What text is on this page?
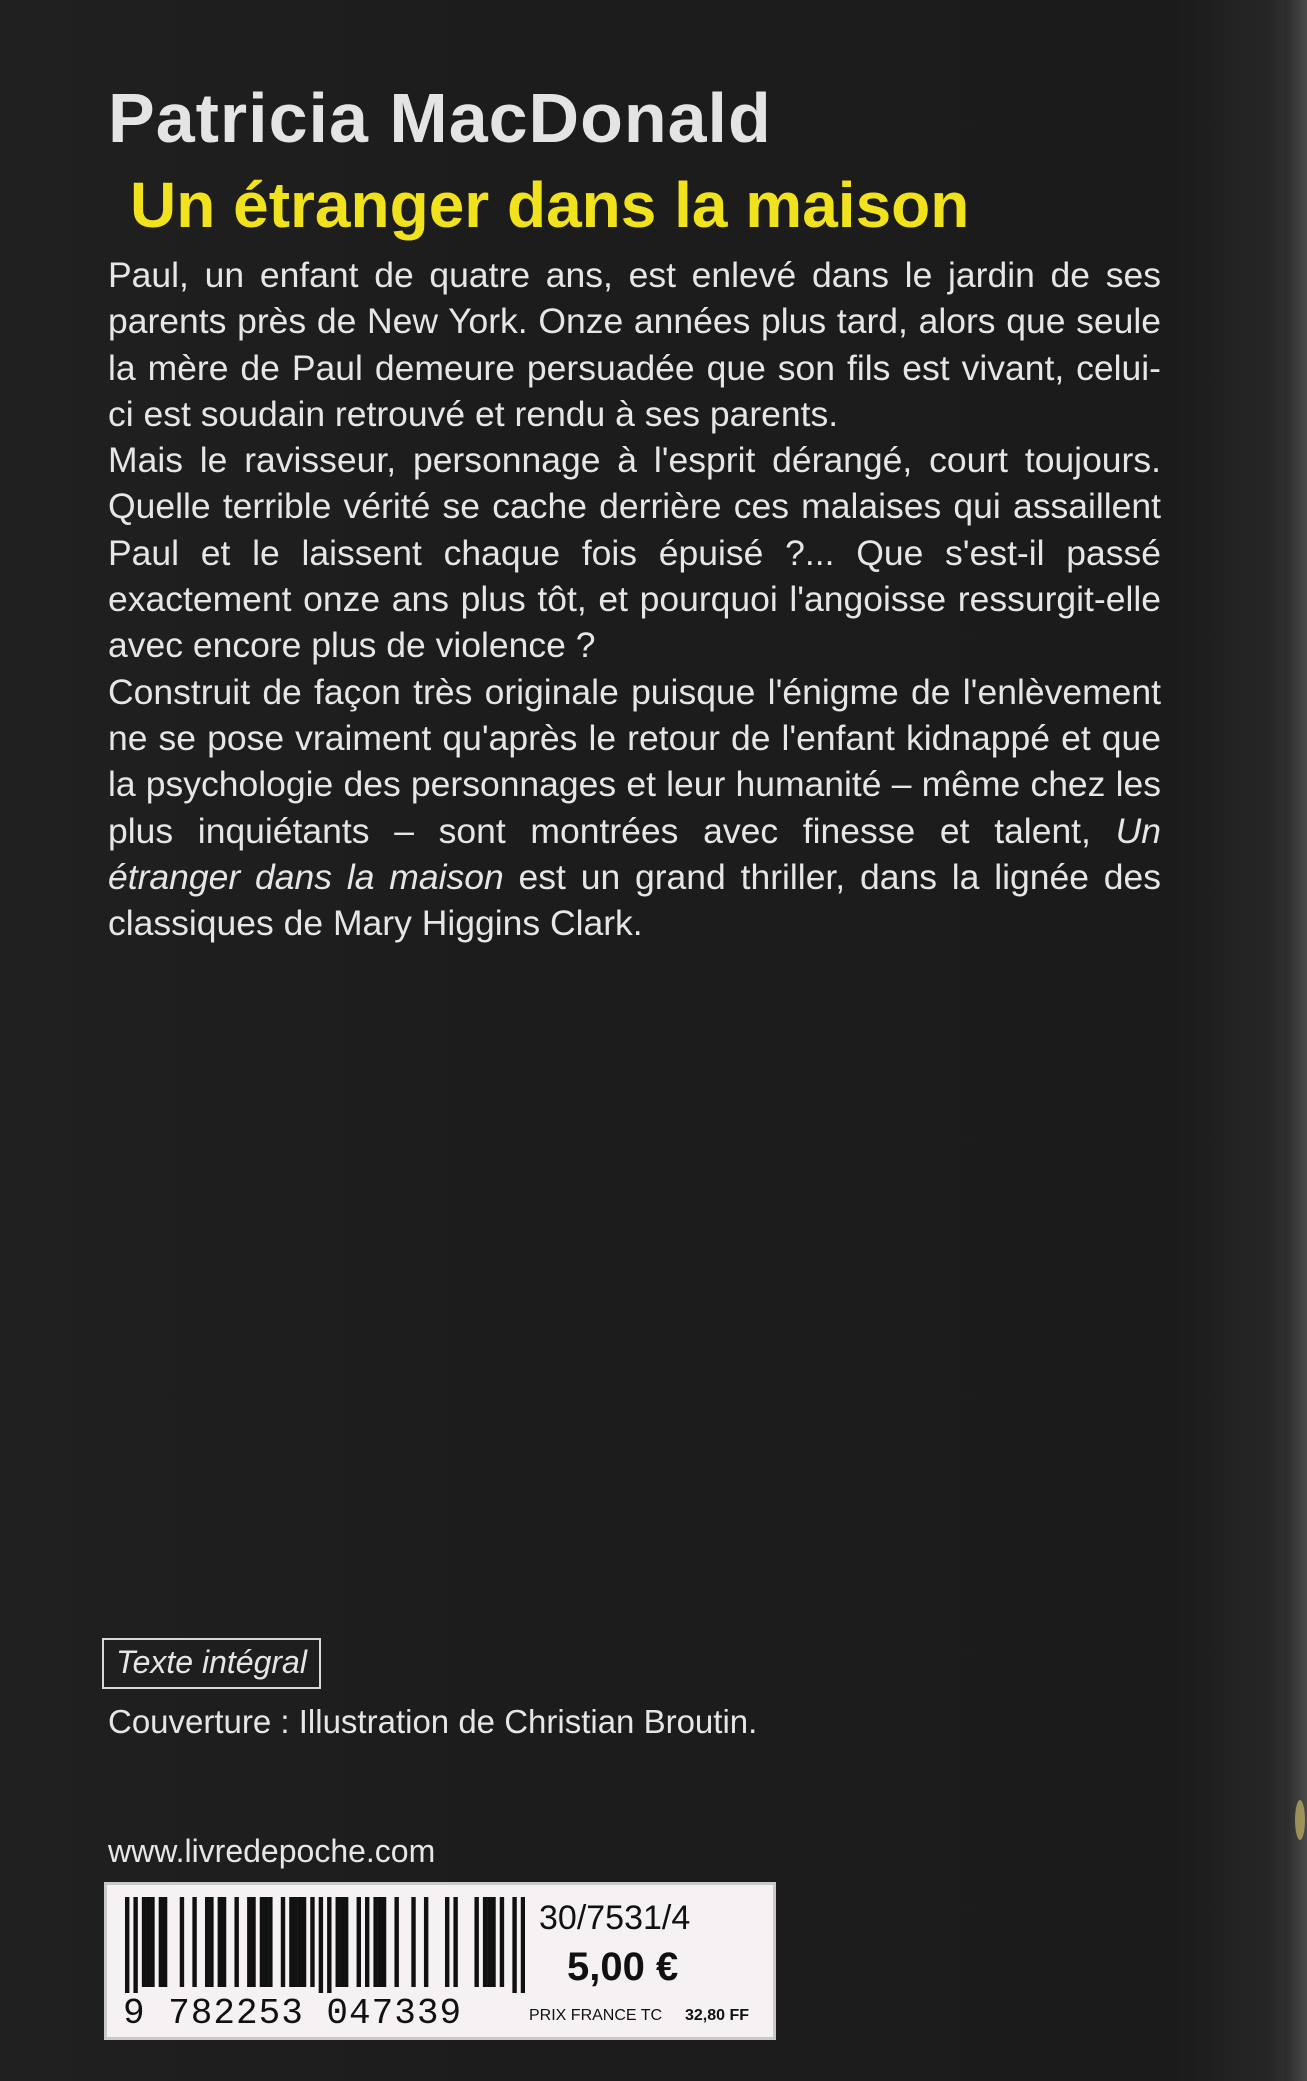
Patricia MacDonald
Un étranger dans la maison

Paul, un enfant de quatre ans, est enlevé dans le jardin de ses parents près de New York. Onze années plus tard, alors que seule la mère de Paul demeure persuadée que son fils est vivant, celui-ci est soudain retrouvé et rendu à ses parents.

Mais le ravisseur, personnage à l'esprit dérangé, court toujours. Quelle terrible vérité se cache derrière ces malaises qui assaillent Paul et le laissent chaque fois épuisé ?... Que s'est-il passé exactement onze ans plus tôt, et pourquoi l'angoisse ressurgit-elle avec encore plus de violence ?

Construit de façon très originale puisque l'énigme de l'enlèvement ne se pose vraiment qu'après le retour de l'enfant kidnappé et que la psychologie des personnages et leur humanité – même chez les plus inquiétants – sont montrées avec finesse et talent, Un étranger dans la maison est un grand thriller, dans la lignée des classiques de Mary Higgins Clark.

Texte intégral
Couverture : Illustration de Christian Broutin.
www.livredepoche.com
9 782253 047339
30/7531/4
5,00 €
PRIX FRANCE TC 32,80 FF
